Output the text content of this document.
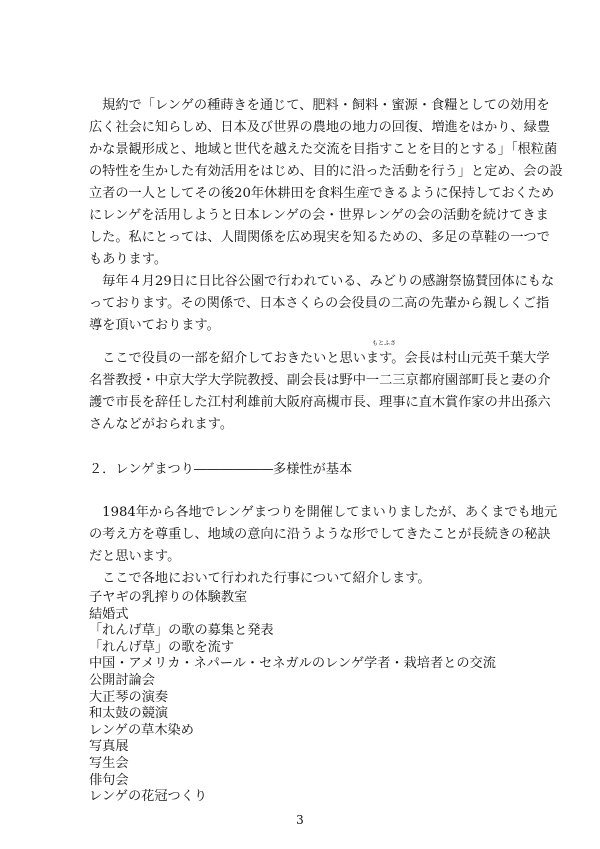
　規約で「レンゲの種蒔きを通じて、肥料・飼料・蜜源・食糧としての効用を
広く社会に知らしめ、日本及び世界の農地の地力の回復、増進をはかり、緑豊
かな景観形成と、地域と世代を越えた交流を目指すことを目的とする」「根粒菌
の特性を生かした有効活用をはじめ、目的に沿った活動を行う」と定め、会の設
立者の一人としてその後20年休耕田を食料生産できるように保持しておくため
にレンゲを活用しようと日本レンゲの会・世界レンゲの会の活動を続けてきま
した。私にとっては、人間関係を広め現実を知るための、多足の草鞋の一つで
もあります。
　毎年４月29日に日比谷公園で行われている、みどりの感謝祭協賛団体にもな
っております。その関係で、日本さくらの会役員の二高の先輩から親しくご指
導を頂いております。
もとふさ
　ここで役員の一部を紹介しておきたいと思います。会長は村山元英千葉大学
名誉教授・中京大学大学院教授、副会長は野中一二三京都府園部町長と妻の介
護で市長を辞任した江村利雄前大阪府高槻市長、理事に直木賞作家の井出孫六
さんなどがおられます。
２．レンゲまつり――――――多様性が基本
　1984年から各地でレンゲまつりを開催してまいりましたが、あくまでも地元
の考え方を尊重し、地域の意向に沿うような形でしてきたことが長続きの秘訣
だと思います。
　ここで各地において行われた行事について紹介します。
子ヤギの乳搾りの体験教室
結婚式
「れんげ草」の歌の募集と発表
「れんげ草」の歌を流す
中国・アメリカ・ネパール・セネガルのレンゲ学者・栽培者との交流
公開討論会
大正琴の演奏
和太鼓の競演
レンゲの草木染め
写真展
写生会
俳句会
レンゲの花冠つくり
3
